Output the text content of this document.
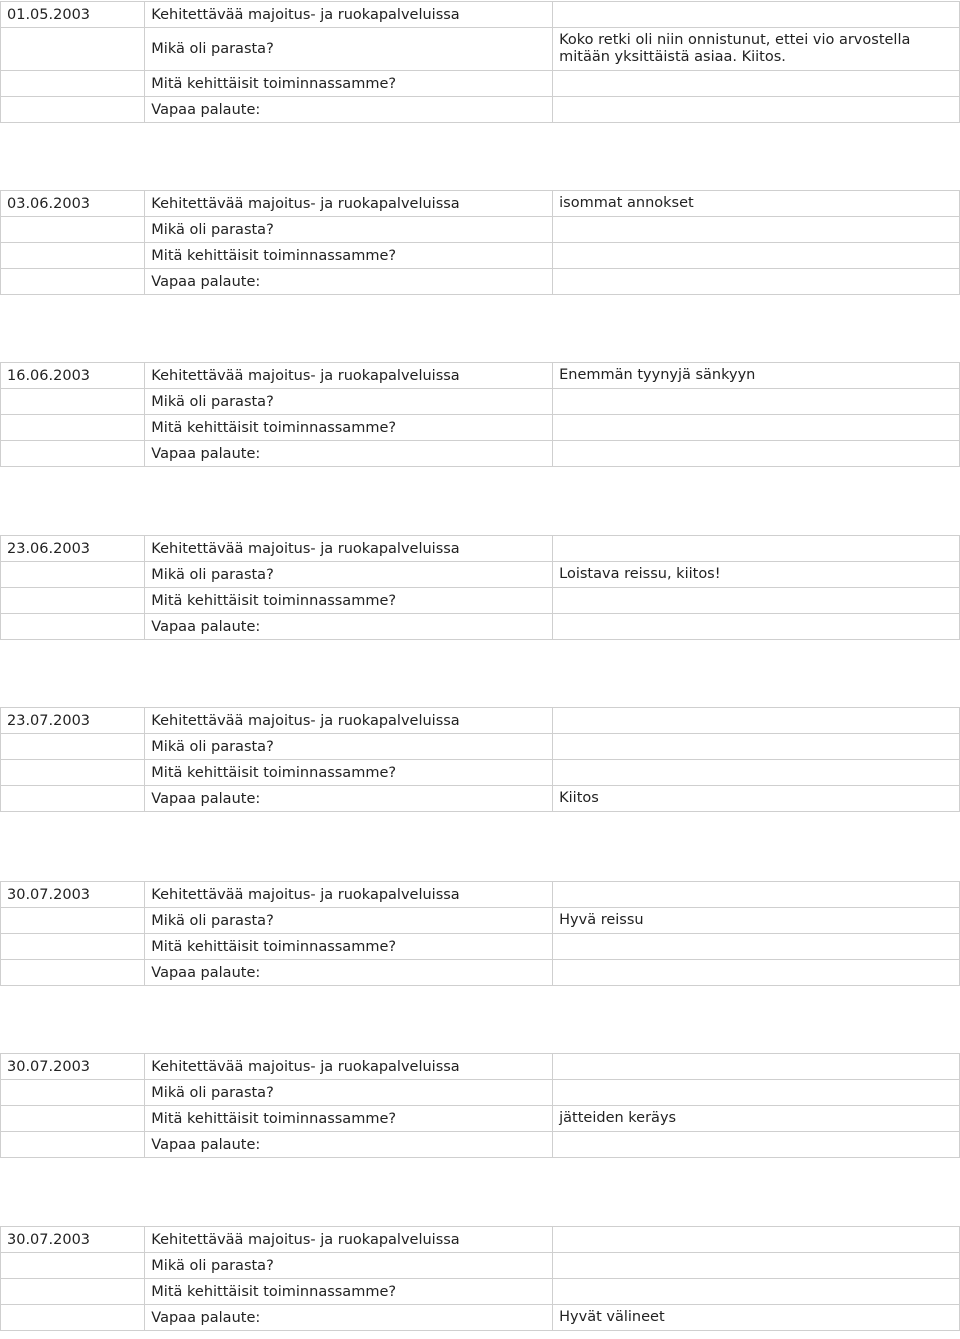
01.05.2003	Kehitettävää majoitus- ja ruokapalveluissa	
	Mikä oli parasta?	Koko retki oli niin onnistunut, ettei vio arvostella mitään yksittäistä asiaa. Kiitos.
	Mitä kehittäisit toiminnassamme?	
	Vapaa palaute:	
03.06.2003	Kehitettävää majoitus- ja ruokapalveluissa	isommat annokset
	Mikä oli parasta?	
	Mitä kehittäisit toiminnassamme?	
	Vapaa palaute:	
16.06.2003	Kehitettävää majoitus- ja ruokapalveluissa	Enemmän tyynyjä sänkyyn
	Mikä oli parasta?	
	Mitä kehittäisit toiminnassamme?	
	Vapaa palaute:	
23.06.2003	Kehitettävää majoitus- ja ruokapalveluissa	
	Mikä oli parasta?	Loistava reissu, kiitos!
	Mitä kehittäisit toiminnassamme?	
	Vapaa palaute:	
23.07.2003	Kehitettävää majoitus- ja ruokapalveluissa	
	Mikä oli parasta?	
	Mitä kehittäisit toiminnassamme?	
	Vapaa palaute:	Kiitos
30.07.2003	Kehitettävää majoitus- ja ruokapalveluissa	
	Mikä oli parasta?	Hyvä reissu
	Mitä kehittäisit toiminnassamme?	
	Vapaa palaute:	
30.07.2003	Kehitettävää majoitus- ja ruokapalveluissa	
	Mikä oli parasta?	
	Mitä kehittäisit toiminnassamme?	jätteiden keräys
	Vapaa palaute:	
30.07.2003	Kehitettävää majoitus- ja ruokapalveluissa	
	Mikä oli parasta?	
	Mitä kehittäisit toiminnassamme?	
	Vapaa palaute:	Hyvät välineet
